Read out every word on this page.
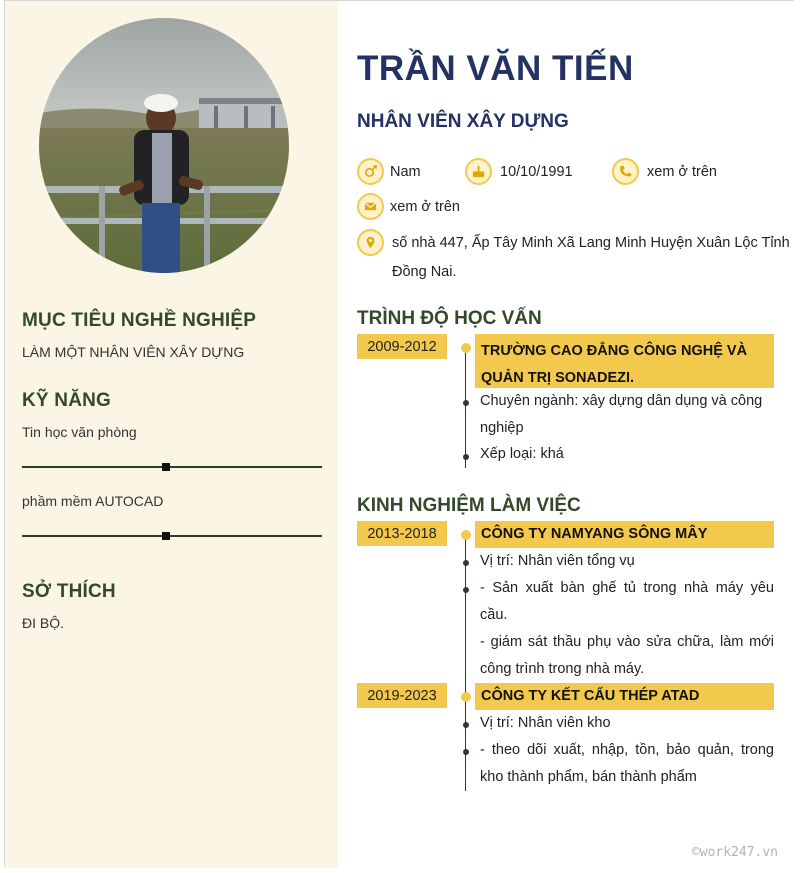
MỤC TIÊU NGHỀ NGHIỆP
LÀM MỘT NHÂN VIÊN XÂY DỰNG
KỸ NĂNG
Tin học văn phòng
phầm mềm AUTOCAD
SỞ THÍCH
ĐI BỘ.
TRẦN VĂN TIẾN
NHÂN VIÊN XÂY DỰNG
Nam	10/10/1991	xem ở trên
xem ở trên
số nhà 447, Ấp Tây Minh Xã Lang Minh Huyện Xuân Lộc Tỉnh Đồng Nai.
TRÌNH ĐỘ HỌC VẤN
2009-2012	TRƯỜNG CAO ĐẲNG CÔNG NGHỆ VÀ QUẢN TRỊ SONADEZI.
Chuyên ngành: xây dựng dân dụng và công nghiệp
Xếp loại: khá
KINH NGHIỆM LÀM VIỆC
2013-2018	CÔNG TY NAMYANG SÔNG MÂY
Vị trí: Nhân viên tổng vụ
- Sản xuất bàn ghế tủ trong nhà máy yêu cầu.
- giám sát thầu phụ vào sửa chữa, làm mới công trình trong nhà máy.
2019-2023	CÔNG TY KẾT CẤU THÉP ATAD
Vị trí: Nhân viên kho
- theo dõi xuất, nhập, tồn, bảo quản, trong kho thành phẩm, bán thành phẩm
©work247.vn
